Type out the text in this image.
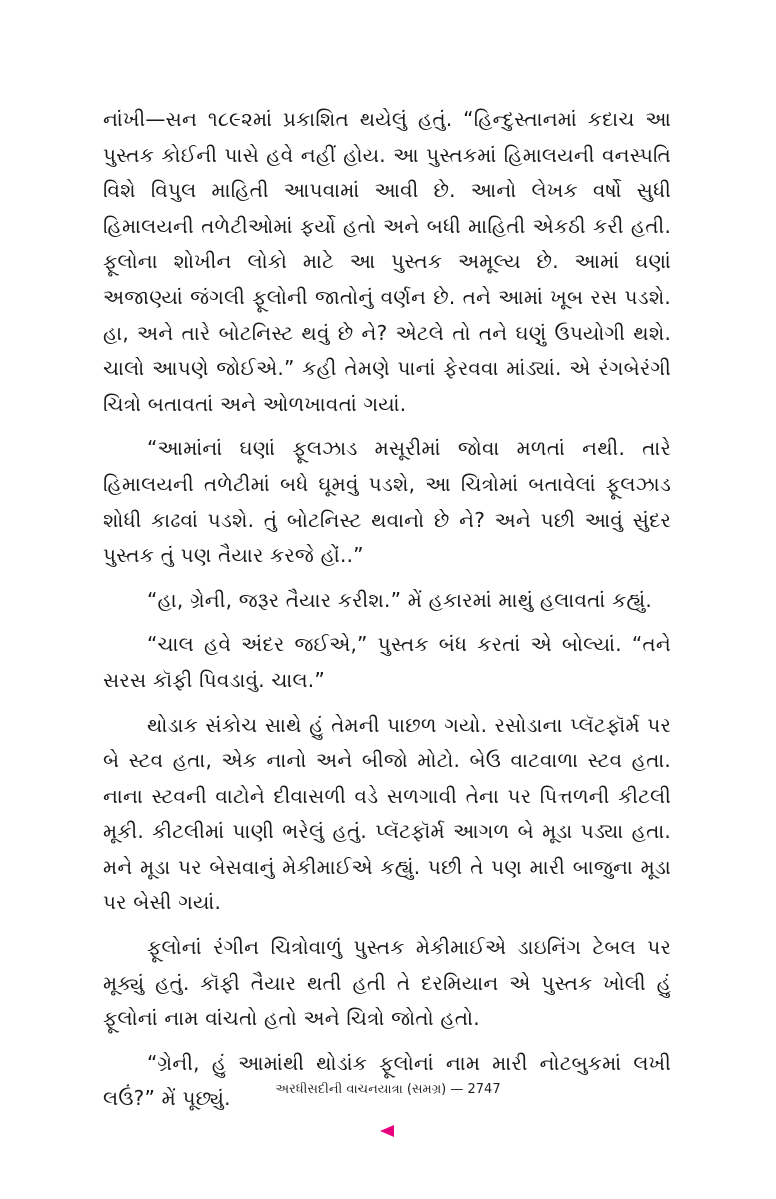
નાંખી—સન ૧૮૯૨માં પ્રકાશિત થયેલું હતું. “હિન્દુસ્તાનમાં કદાચ આ પુસ્તક કોઈની પાસે હવે નહીં હોય. આ પુસ્તકમાં હિમાલયની વનસ્પતિ વિશે વિપુલ માહિતી આપવામાં આવી છે. આનો લેખક વર્ષો સુધી હિમાલયની તળેટીઓમાં ફર્યો હતો અને બધી માહિતી એકઠી કરી હતી. ફૂલોના શોખીન લોકો માટે આ પુસ્તક અમૂલ્ય છે. આમાં ઘણાં અજાણ્યાં જંગલી ફૂલોની જાતોનું વર્ણન છે. તને આમાં ખૂબ રસ પડશે. હા, અને તારે બોટનિસ્ટ થવું છે ને? એટલે તો તને ઘણું ઉપયોગી થશે. ચાલો આપણે જોઈએ.” કહી તેમણે પાનાં ફેરવવા માંડ્યાં. એ રંગબેરંગી ચિત્રો બતાવતાં અને ઓળખાવતાં ગયાં.

“આમાંનાં ઘણાં ફૂલઝાડ મસૂરીમાં જોવા મળતાં નથી. તારે હિમાલયની તળેટીમાં બધે ઘૂમવું પડશે, આ ચિત્રોમાં બતાવેલાં ફૂલઝાડ શોધી કાઢવાં પડશે. તું બોટનિસ્ટ થવાનો છે ને? અને પછી આવું સુંદર પુસ્તક તું પણ તૈયાર કરજે હોં..”

“હા, ગ્રેની, જરૂર તૈયાર કરીશ.” મેં હકારમાં માથું હલાવતાં કહ્યું.

“ચાલ હવે અંદર જઈએ,” પુસ્તક બંધ કરતાં એ બોલ્યાં. “તને સરસ કૉફી પિવડાવું. ચાલ.”

થોડાક સંકોચ સાથે હું તેમની પાછળ ગયો. રસોડાના પ્લૅટફૉર્મ પર બે સ્ટવ હતા, એક નાનો અને બીજો મોટો. બેઉ વાટવાળા સ્ટવ હતા. નાના સ્ટવની વાટોને દીવાસળી વડે સળગાવી તેના પર પિત્તળની કીટલી મૂકી. કીટલીમાં પાણી ભરેલું હતું. પ્લૅટફૉર્મ આગળ બે મૂડા પડ્યા હતા. મને મૂડા પર બેસવાનું મેકીમાઈએ કહ્યું. પછી તે પણ મારી બાજુના મૂડા પર બેસી ગયાં.

ફૂલોનાં રંગીન ચિત્રોવાળું પુસ્તક મેકીમાઈએ ડાઇનિંગ ટેબલ પર મૂક્યું હતું. કૉફી તૈયાર થતી હતી તે દરમિયાન એ પુસ્તક ખોલી હું ફૂલોનાં નામ વાંચતો હતો અને ચિત્રો જોતો હતો.

“ગ્રેની, હું આમાંથી થોડાંક ફૂલોનાં નામ મારી નોટબુકમાં લખી લઉં?” મેં પૂછ્યું.	અરધીસદીની વાચનયાત્રા (સમગ્ર) — 2747
